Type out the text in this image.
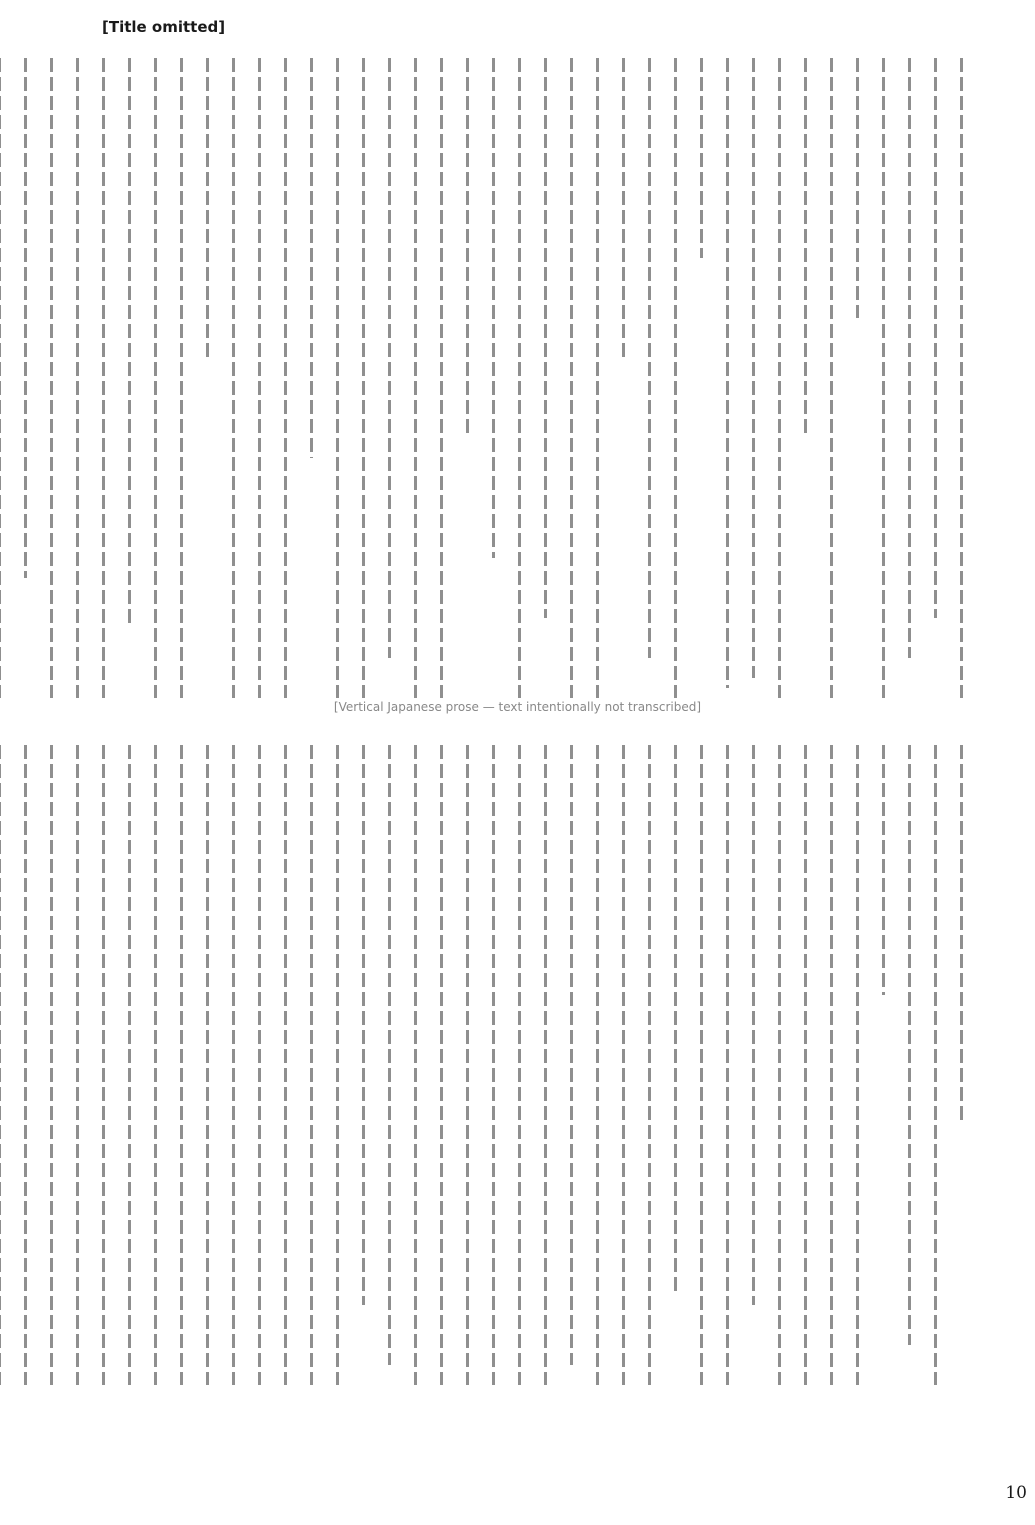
[Title omitted]
[Vertical Japanese prose — text intentionally not transcribed]
10
